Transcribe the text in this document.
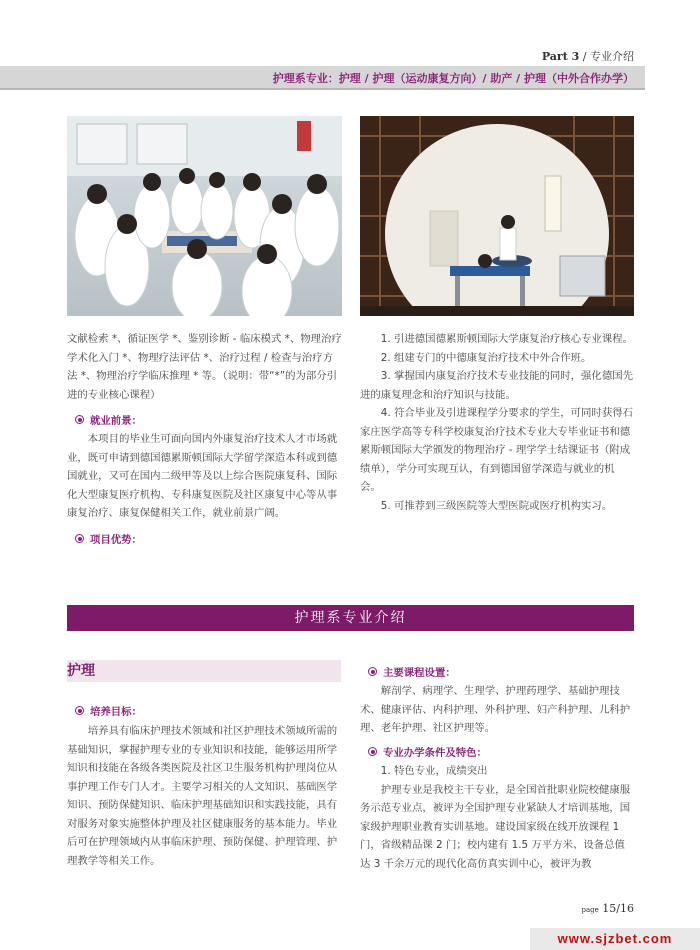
Part 3 / 专业介绍
护理系专业：护理 / 护理（运动康复方向）/ 助产 / 护理（中外合作办学）

文献检索 *、循证医学 *、鉴别诊断 - 临床模式 *、物理治疗学术化入门 *、物理疗法评估 *、治疗过程 / 检查与治疗方法 *、物理治疗学临床推理 * 等。（说明：带“*”的为部分引进的专业核心课程）

就业前景：

本项目的毕业生可面向国内外康复治疗技术人才市场就业，既可申请到德国德累斯顿国际大学留学深造本科或到德国就业，又可在国内二级甲等及以上综合医院康复科、国际化大型康复医疗机构、专科康复医院及社区康复中心等从事康复治疗、康复保健相关工作，就业前景广阔。

项目优势：

1. 引进德国德累斯顿国际大学康复治疗核心专业课程。

2. 组建专门的中德康复治疗技术中外合作班。

3. 掌握国内康复治疗技术专业技能的同时，强化德国先进的康复理念和治疗知识与技能。

4. 符合毕业及引进课程学分要求的学生，可同时获得石家庄医学高等专科学校康复治疗技术专业大专毕业证书和德累斯顿国际大学颁发的物理治疗 - 理学学士结课证书（附成绩单），学分可实现互认，有到德国留学深造与就业的机会。

5. 可推荐到三级医院等大型医院或医疗机构实习。

护理系专业介绍
护理
培养目标：

培养具有临床护理技术领域和社区护理技术领域所需的基础知识，掌握护理专业的专业知识和技能，能够运用所学知识和技能在各级各类医院及社区卫生服务机构护理岗位从事护理工作专门人才。主要学习相关的人文知识、基础医学知识、预防保健知识、临床护理基础知识和实践技能，具有对服务对象实施整体护理及社区健康服务的基本能力。毕业后可在护理领域内从事临床护理、预防保健、护理管理、护理教学等相关工作。

主要课程设置：

解剖学、病理学、生理学、护理药理学、基础护理技术、健康评估、内科护理、外科护理、妇产科护理、儿科护理、老年护理、社区护理等。

专业办学条件及特色：

1. 特色专业，成绩突出

护理专业是我校主干专业，是全国首批职业院校健康服务示范专业点，被评为全国护理专业紧缺人才培训基地，国家级护理职业教育实训基地。建设国家级在线开放课程 1 门，省级精品课 2 门；校内建有 1.5 万平方米、设备总值达 3 千余万元的现代化高仿真实训中心，被评为教

page 15/16
www.sjzbet.com
